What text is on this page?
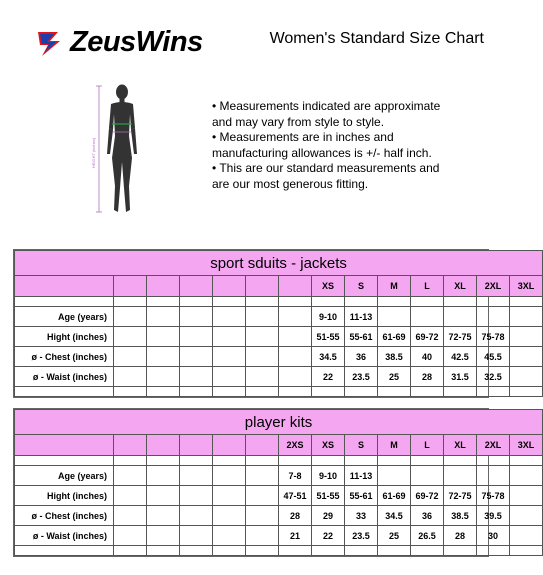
ZeusWins	Women's Standard Size Chart
HEIGHT (inches)
• Measurements indicated are approximate
and may vary from style to style.
• Measurements are in inches and
manufacturing allowances is +/- half inch.
• This are our standard measurements and
are our most generous fitting.
sport sduits - jackets													
							XS	S	M	L	XL	2XL	3XL

Age (years)							9-10	11-13					
Hight (inches)							51-55	55-61	61-69	69-72	72-75	75-78	
ø - Chest (inches)							34.5	36	38.5	40	42.5	45.5	
ø - Waist (inches)							22	23.5	25	28	31.5	32.5	

player kits													
						2XS	XS	S	M	L	XL	2XL	3XL

Age (years)						7-8	9-10	11-13					
Hight (inches)						47-51	51-55	55-61	61-69	69-72	72-75	75-78	
ø - Chest (inches)						28	29	33	34.5	36	38.5	39.5	
ø - Waist (inches)						21	22	23.5	25	26.5	28	30	
